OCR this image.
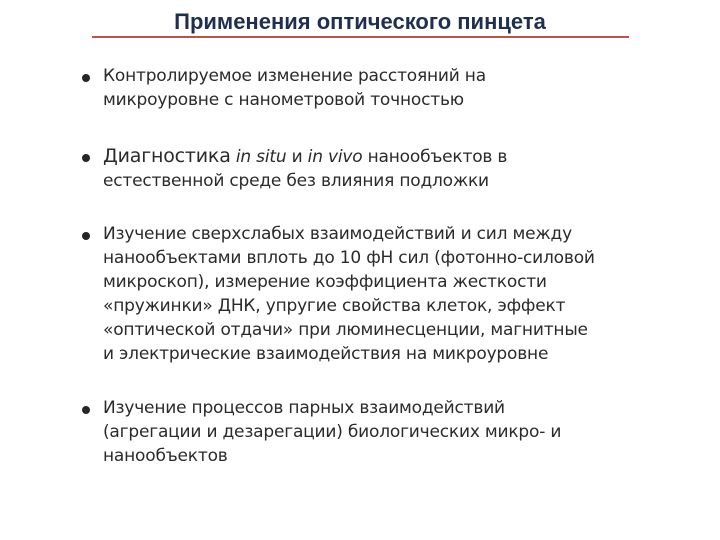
Применения оптического пинцета

Контролируемое изменение расстояний на
микроуровне с нанометровой точностью

Диагностика in situ и in vivo нанообъектов в
естественной среде без влияния подложки

Изучение сверхслабых взаимодействий и сил между
нанообъектами вплоть до 10 фН сил (фотонно-силовой
микроскоп), измерение коэффициента жесткости
«пружинки» ДНК, упругие свойства клеток, эффект
«оптической отдачи» при люминесценции, магнитные
и электрические взаимодействия на микроуровне

Изучение процессов парных взаимодействий
(агрегации и дезарегации) биологических микро- и
нанообъектов
